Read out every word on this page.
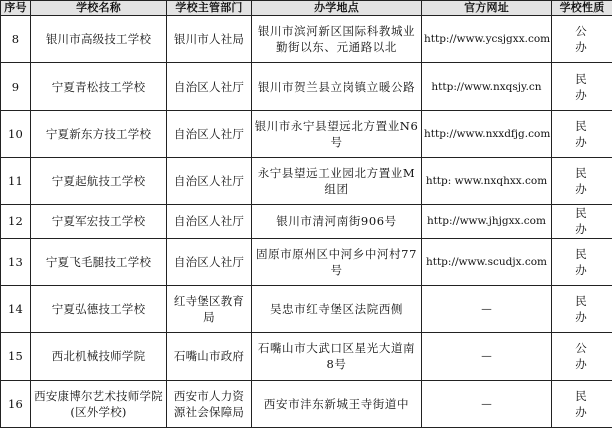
序号	学校名称	学校主管部门	办学地点	官方网址	学校性质
8	银川市高级技工学校	银川市人社局	银川市滨河新区国际科教城业勤街以东、元通路以北	http://www.ycsjgxx.com	公办
9	宁夏青松技工学校	自治区人社厅	银川市贺兰县立岗镇立暖公路	http://www.nxqsjy.cn	民办
10	宁夏新东方技工学校	自治区人社厅	银川市永宁县望远北方置业N6号	http://www.nxxdfjg.com	民办
11	宁夏起航技工学校	自治区人社厅	永宁县望远工业园北方置业M组团	http: www.nxqhxx.com	民办
12	宁夏军宏技工学校	自治区人社厅	银川市清河南街906号	http://www.jhjgxx.com	民办
13	宁夏飞毛腿技工学校	自治区人社厅	固原市原州区中河乡中河村77号	http://www.scudjx.com	民办
14	宁夏弘德技工学校	红寺堡区教育局	吴忠市红寺堡区法院西侧	—	民办
15	西北机械技师学院	石嘴山市政府	石嘴山市大武口区星光大道南8号	—	公办
16	西安康博尔艺术技师学院(区外学校)	西安市人力资源社会保障局	西安市沣东新城王寺街道中	—	民办
